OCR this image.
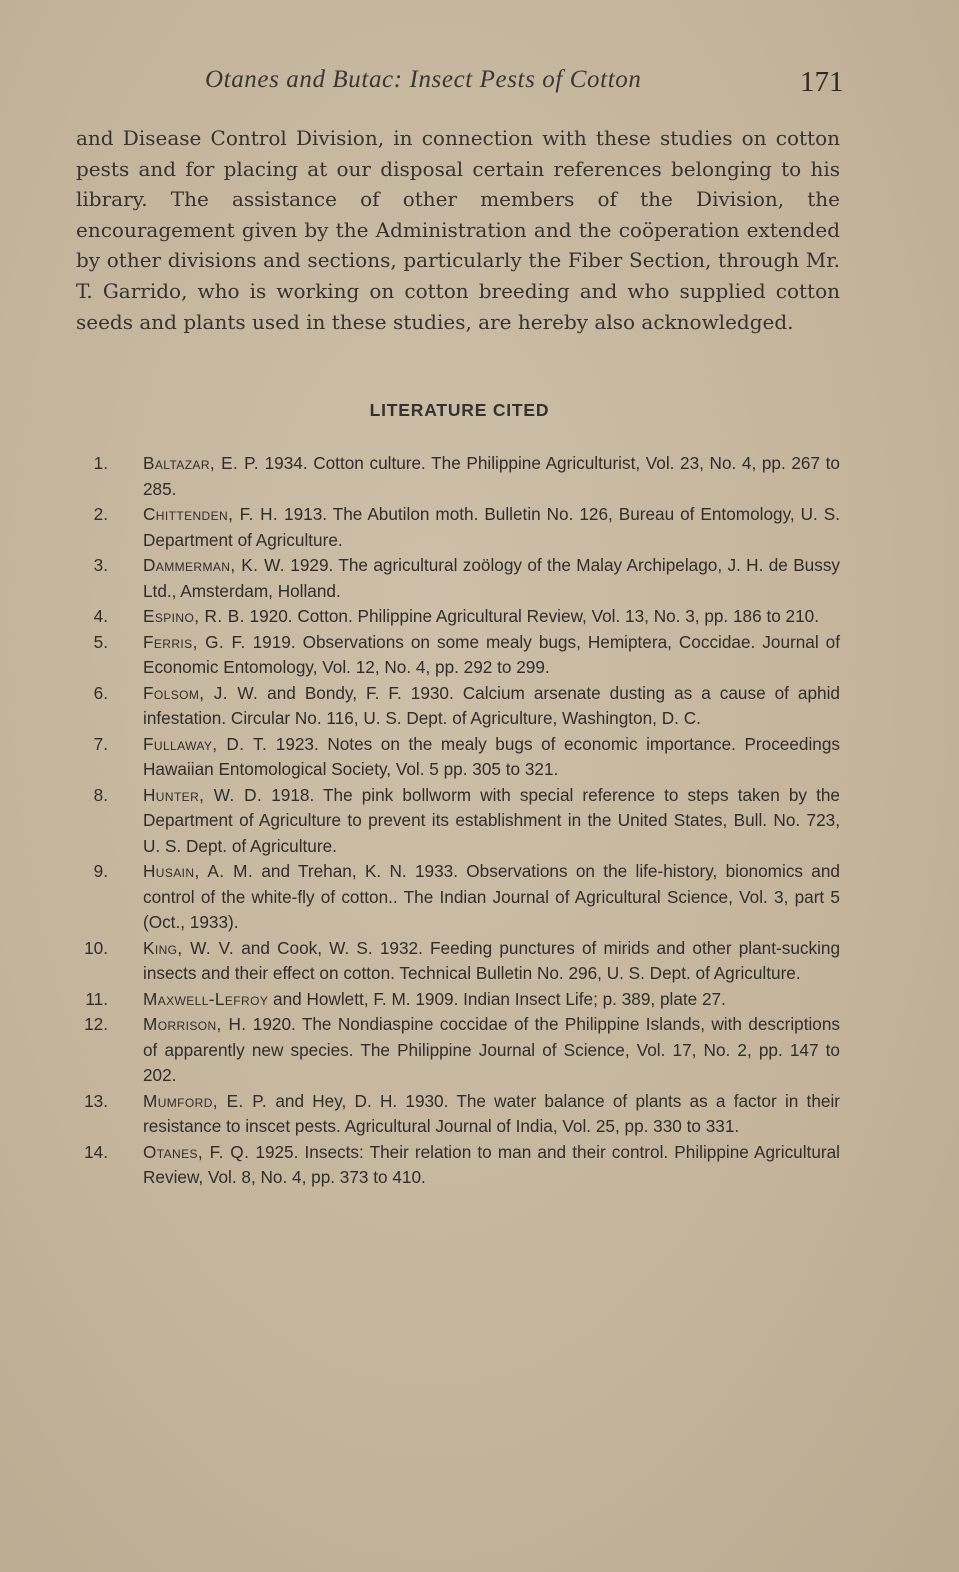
Otanes and Butac: Insect Pests of Cotton	171

and Disease Control Division, in connection with these studies on cotton pests and for placing at our disposal certain references belonging to his library. The assistance of other members of the Division, the encouragement given by the Administration and the coöperation extended by other divisions and sections, particularly the Fiber Section, through Mr. T. Garrido, who is working on cotton breeding and who supplied cotton seeds and plants used in these studies, are hereby also acknowledged.

LITERATURE CITED
1. Baltazar, E. P. 1934. Cotton culture. The Philippine Agriculturist, Vol. 23, No. 4, pp. 267 to 285.
2. Chittenden, F. H. 1913. The Abutilon moth. Bulletin No. 126, Bureau of Entomology, U. S. Department of Agriculture.
3. Dammerman, K. W. 1929. The agricultural zoölogy of the Malay Archipelago, J. H. de Bussy Ltd., Amsterdam, Holland.
4. Espino, R. B. 1920. Cotton. Philippine Agricultural Review, Vol. 13, No. 3, pp. 186 to 210.
5. Ferris, G. F. 1919. Observations on some mealy bugs, Hemiptera, Coccidae. Journal of Economic Entomology, Vol. 12, No. 4, pp. 292 to 299.
6. Folsom, J. W. and Bondy, F. F. 1930. Calcium arsenate dusting as a cause of aphid infestation. Circular No. 116, U. S. Dept. of Agriculture, Washington, D. C.
7. Fullaway, D. T. 1923. Notes on the mealy bugs of economic importance. Proceedings Hawaiian Entomological Society, Vol. 5 pp. 305 to 321.
8. Hunter, W. D. 1918. The pink bollworm with special reference to steps taken by the Department of Agriculture to prevent its establishment in the United States, Bull. No. 723, U. S. Dept. of Agriculture.
9. Husain, A. M. and Trehan, K. N. 1933. Observations on the life-history, bionomics and control of the white-fly of cotton.. The Indian Journal of Agricultural Science, Vol. 3, part 5 (Oct., 1933).
10. King, W. V. and Cook, W. S. 1932. Feeding punctures of mirids and other plant-sucking insects and their effect on cotton. Technical Bulletin No. 296, U. S. Dept. of Agriculture.
11. Maxwell-Lefroy and Howlett, F. M. 1909. Indian Insect Life; p. 389, plate 27.
12. Morrison, H. 1920. The Nondiaspine coccidae of the Philippine Islands, with descriptions of apparently new species. The Philippine Journal of Science, Vol. 17, No. 2, pp. 147 to 202.
13. Mumford, E. P. and Hey, D. H. 1930. The water balance of plants as a factor in their resistance to inscet pests. Agricultural Journal of India, Vol. 25, pp. 330 to 331.
14. Otanes, F. Q. 1925. Insects: Their relation to man and their control. Philippine Agricultural Review, Vol. 8, No. 4, pp. 373 to 410.
